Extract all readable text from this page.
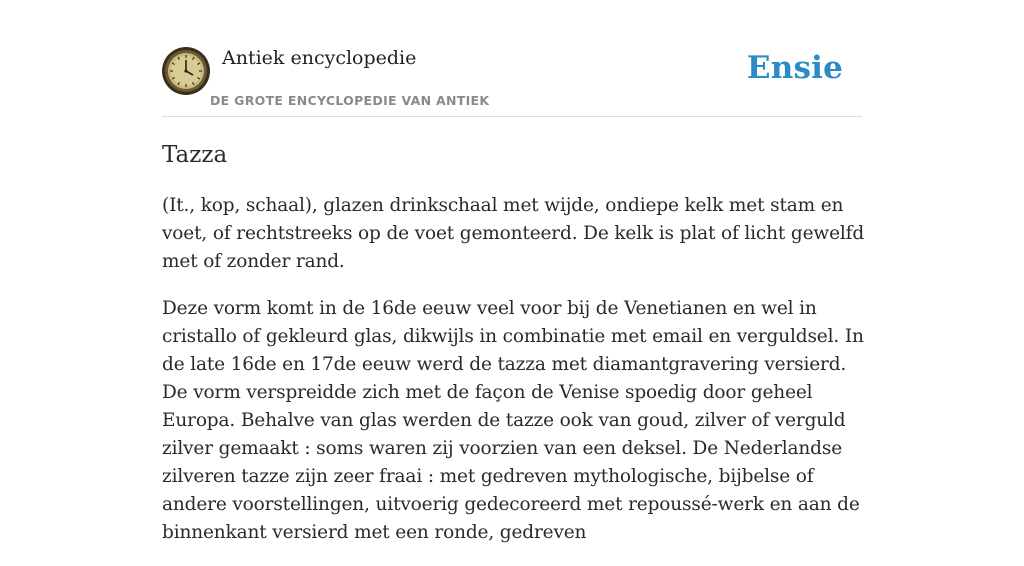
Antiek encyclopedie
DE GROTE ENCYCLOPEDIE VAN ANTIEK
Ensie
Tazza

(It., kop, schaal), glazen drinkschaal met wijde, ondiepe kelk met stam en voet, of rechtstreeks op de voet gemonteerd. De kelk is plat of licht gewelfd met of zonder rand.

Deze vorm komt in de 16de eeuw veel voor bij de Venetianen en wel in cristallo of gekleurd glas, dikwijls in combinatie met email en verguldsel. In de late 16de en 17de eeuw werd de tazza met diamantgravering versierd. De vorm verspreidde zich met de façon de Venise spoedig door geheel Europa. Behalve van glas werden de tazze ook van goud, zilver of verguld zilver gemaakt : soms waren zij voorzien van een deksel. De Nederlandse zilveren tazze zijn zeer fraai : met gedreven mythologische, bijbelse of andere voorstellingen, uitvoerig gedecoreerd met repoussé-werk en aan de binnenkant versierd met een ronde, gedreven
